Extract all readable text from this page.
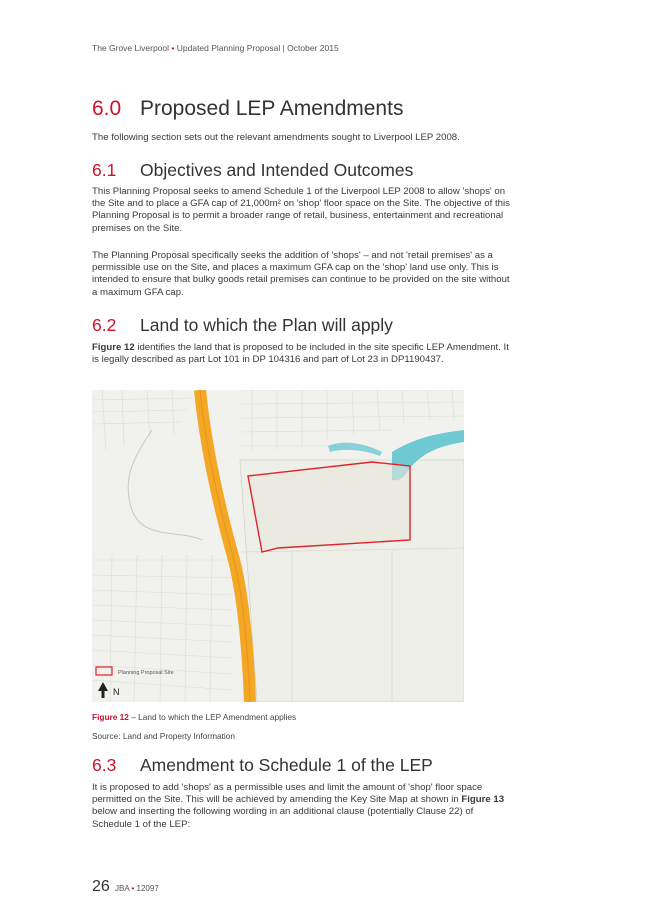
The Grove Liverpool • Updated Planning Proposal | October 2015
6.0 Proposed LEP Amendments

The following section sets out the relevant amendments sought to Liverpool LEP 2008.

6.1 Objectives and Intended Outcomes

This Planning Proposal seeks to amend Schedule 1 of the Liverpool LEP 2008 to allow 'shops' on the Site and to place a GFA cap of 21,000m² on 'shop' floor space on the Site. The objective of this Planning Proposal is to permit a broader range of retail, business, entertainment and recreational premises on the Site.

The Planning Proposal specifically seeks the addition of 'shops' – and not 'retail premises' as a permissible use on the Site, and places a maximum GFA cap on the 'shop' land use only. This is intended to ensure that bulky goods retail premises can continue to be provided on the site without a maximum GFA cap.

6.2 Land to which the Plan will apply

Figure 12 identifies the land that is proposed to be included in the site specific LEP Amendment. It is legally described as part Lot 101 in DP 104316 and part of Lot 23 in DP1190437.

Planning Proposal Site
N
Figure 12 – Land to which the LEP Amendment applies
Source: Land and Property Information
6.3 Amendment to Schedule 1 of the LEP

It is proposed to add 'shops' as a permissible uses and limit the amount of 'shop' floor space permitted on the Site. This will be achieved by amending the Key Site Map at shown in Figure 13 below and inserting the following wording in an additional clause (potentially Clause 22) of Schedule 1 of the LEP:

26 JBA • 12097
